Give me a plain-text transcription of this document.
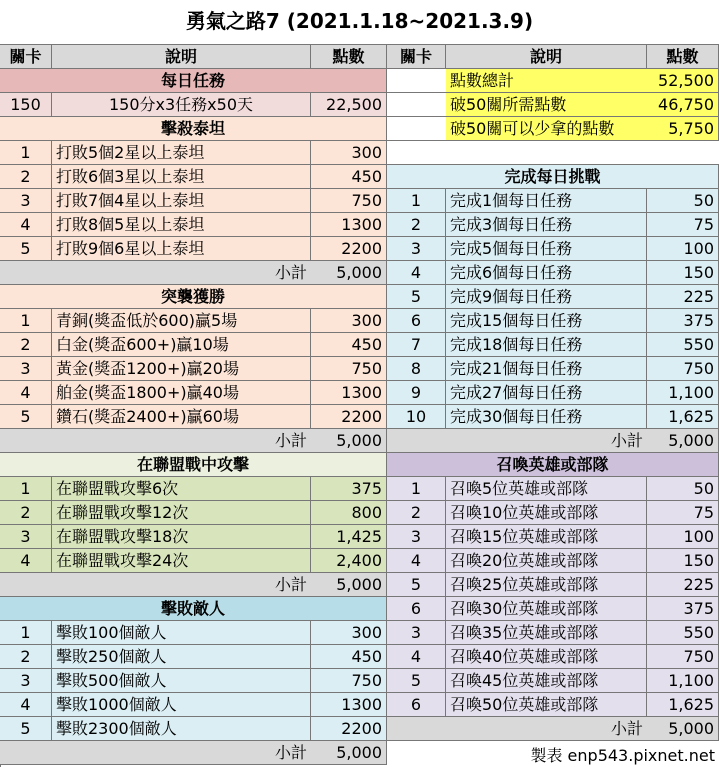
勇氣之路7 (2021.1.18~2021.3.9)
關卡	說明	點數	關卡	說明	點數
每日任務
150	150分x3任務x50天	22,500
擊殺泰坦
1	打敗5個2星以上泰坦	300
2	打敗6個3星以上泰坦	450
3	打敗7個4星以上泰坦	750
4	打敗8個5星以上泰坦	1300
5	打敗9個6星以上泰坦	2200
小計	5,000
突襲獲勝
1	青銅(獎盃低於600)贏5場	300
2	白金(獎盃600+)贏10場	450
3	黃金(獎盃1200+)贏20場	750
4	舶金(獎盃1800+)贏40場	1300
5	鑽石(獎盃2400+)贏60場	2200
小計	5,000
在聯盟戰中攻擊
1	在聯盟戰攻擊6次	375
2	在聯盟戰攻擊12次	800
3	在聯盟戰攻擊18次	1,425
4	在聯盟戰攻擊24次	2,400
小計	5,000
擊敗敵人
1	擊敗100個敵人	300
2	擊敗250個敵人	450
3	擊敗500個敵人	750
4	擊敗1000個敵人	1300
5	擊敗2300個敵人	2200
小計	5,000
點數總計	52,500
破50關所需點數	46,750
破50關可以少拿的點數	5,750
完成每日挑戰
1	完成1個每日任務	50
2	完成3個每日任務	75
3	完成5個每日任務	100
4	完成6個每日任務	150
5	完成9個每日任務	225
6	完成15個每日任務	375
7	完成18個每日任務	550
8	完成21個每日任務	750
9	完成27個每日任務	1,100
10	完成30個每日任務	1,625
小計	5,000
召喚英雄或部隊
1	召喚5位英雄或部隊	50
2	召喚10位英雄或部隊	75
3	召喚15位英雄或部隊	100
4	召喚20位英雄或部隊	150
5	召喚25位英雄或部隊	225
6	召喚30位英雄或部隊	375
3	召喚35位英雄或部隊	550
4	召喚40位英雄或部隊	750
5	召喚45位英雄或部隊	1,100
6	召喚50位英雄或部隊	1,625
小計	5,000
製表 enp543.pixnet.net
